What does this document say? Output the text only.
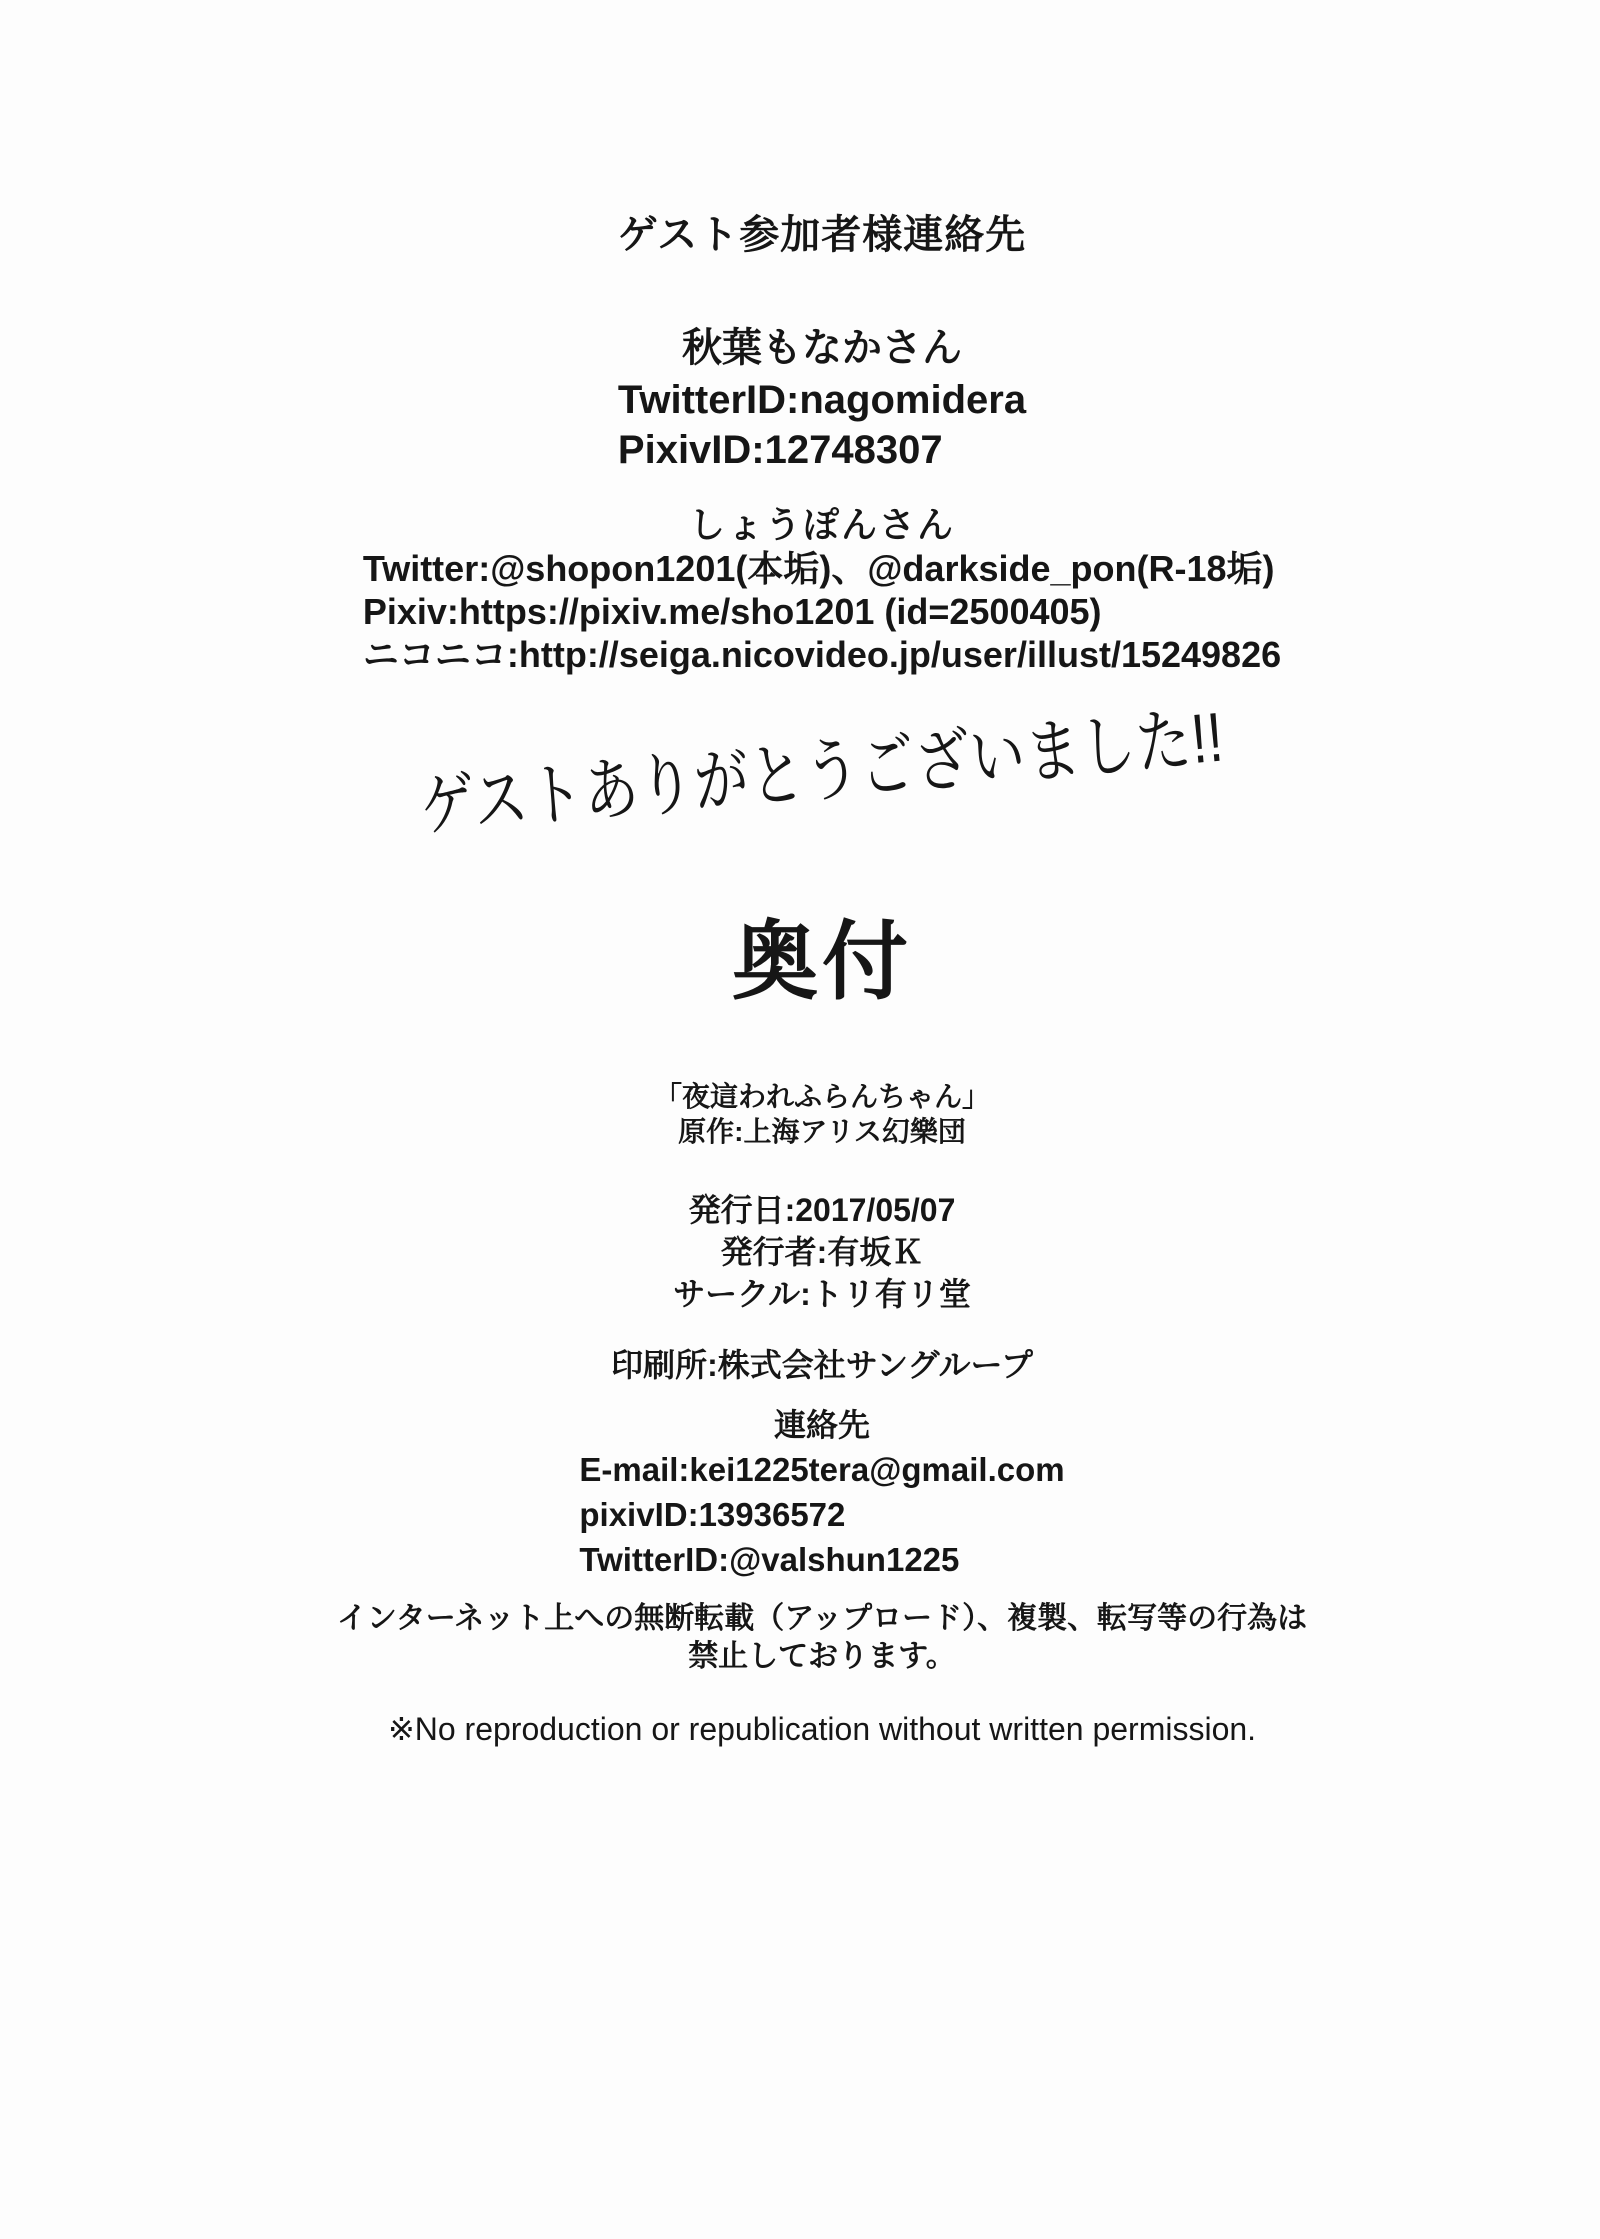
ゲスト参加者様連絡先
秋葉もなかさん
TwitterID:nagomidera
PixivID:12748307
しょうぽんさん
Twitter:@shopon1201(本垢)、@darkside_pon(R-18垢)
Pixiv:https://pixiv.me/sho1201 (id=2500405)
ニコニコ:http://seiga.nicovideo.jp/user/illust/15249826
ゲストありがとうございました!!
奥付
「夜這われふらんちゃん」
原作:上海アリス幻樂団
発行日:2017/05/07
発行者:有坂Ｋ
サークル:トリ有リ堂
印刷所:株式会社サングループ
連絡先
E-mail:kei1225tera@gmail.com
pixivID:13936572
TwitterID:@valshun1225
インターネット上への無断転載（アップロード）、複製、転写等の行為は
禁止しております。
※No reproduction or republication without written permission.
